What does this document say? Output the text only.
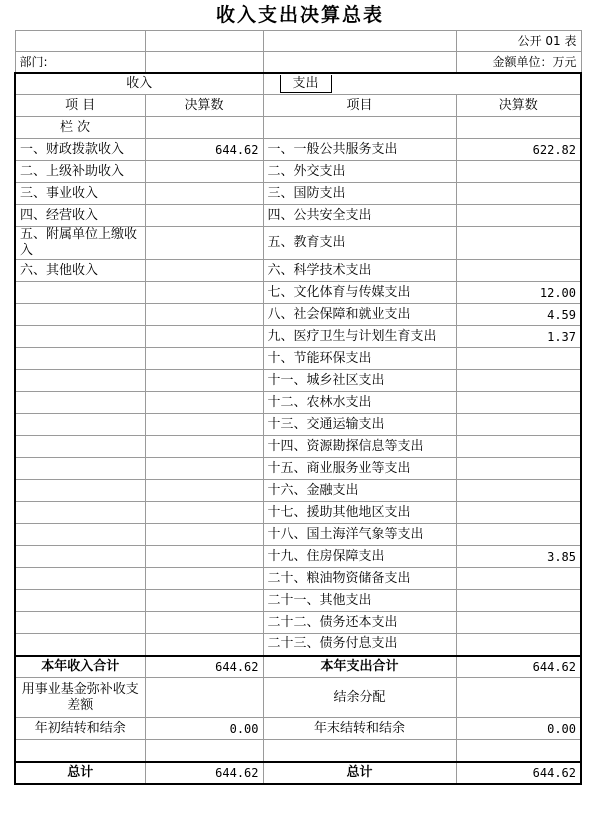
收入支出决算总表
			公开 01 表
部门:			金额单位：万元
收入		支出	
项 目	决算数	项目	决算数
栏 次			
一、财政拨款收入	644.62	一、一般公共服务支出	622.82
二、上级补助收入		二、外交支出	
三、事业收入		三、国防支出	
四、经营收入		四、公共安全支出	
五、附属单位上缴收入		五、教育支出	
六、其他收入		六、科学技术支出	
		七、文化体育与传媒支出	12.00
		八、社会保障和就业支出	4.59
		九、医疗卫生与计划生育支出	1.37
		十、节能环保支出	
		十一、城乡社区支出	
		十二、农林水支出	
		十三、交通运输支出	
		十四、资源勘探信息等支出	
		十五、商业服务业等支出	
		十六、金融支出	
		十七、援助其他地区支出	
		十八、国土海洋气象等支出	
		十九、住房保障支出	3.85
		二十、粮油物资储备支出	
		二十一、其他支出	
		二十二、债务还本支出	
		二十三、债务付息支出	
本年收入合计	644.62	本年支出合计	644.62
用事业基金弥补收支差额		结余分配	
年初结转和结余	0.00	年末结转和结余	0.00

总计	644.62	总计	644.62
